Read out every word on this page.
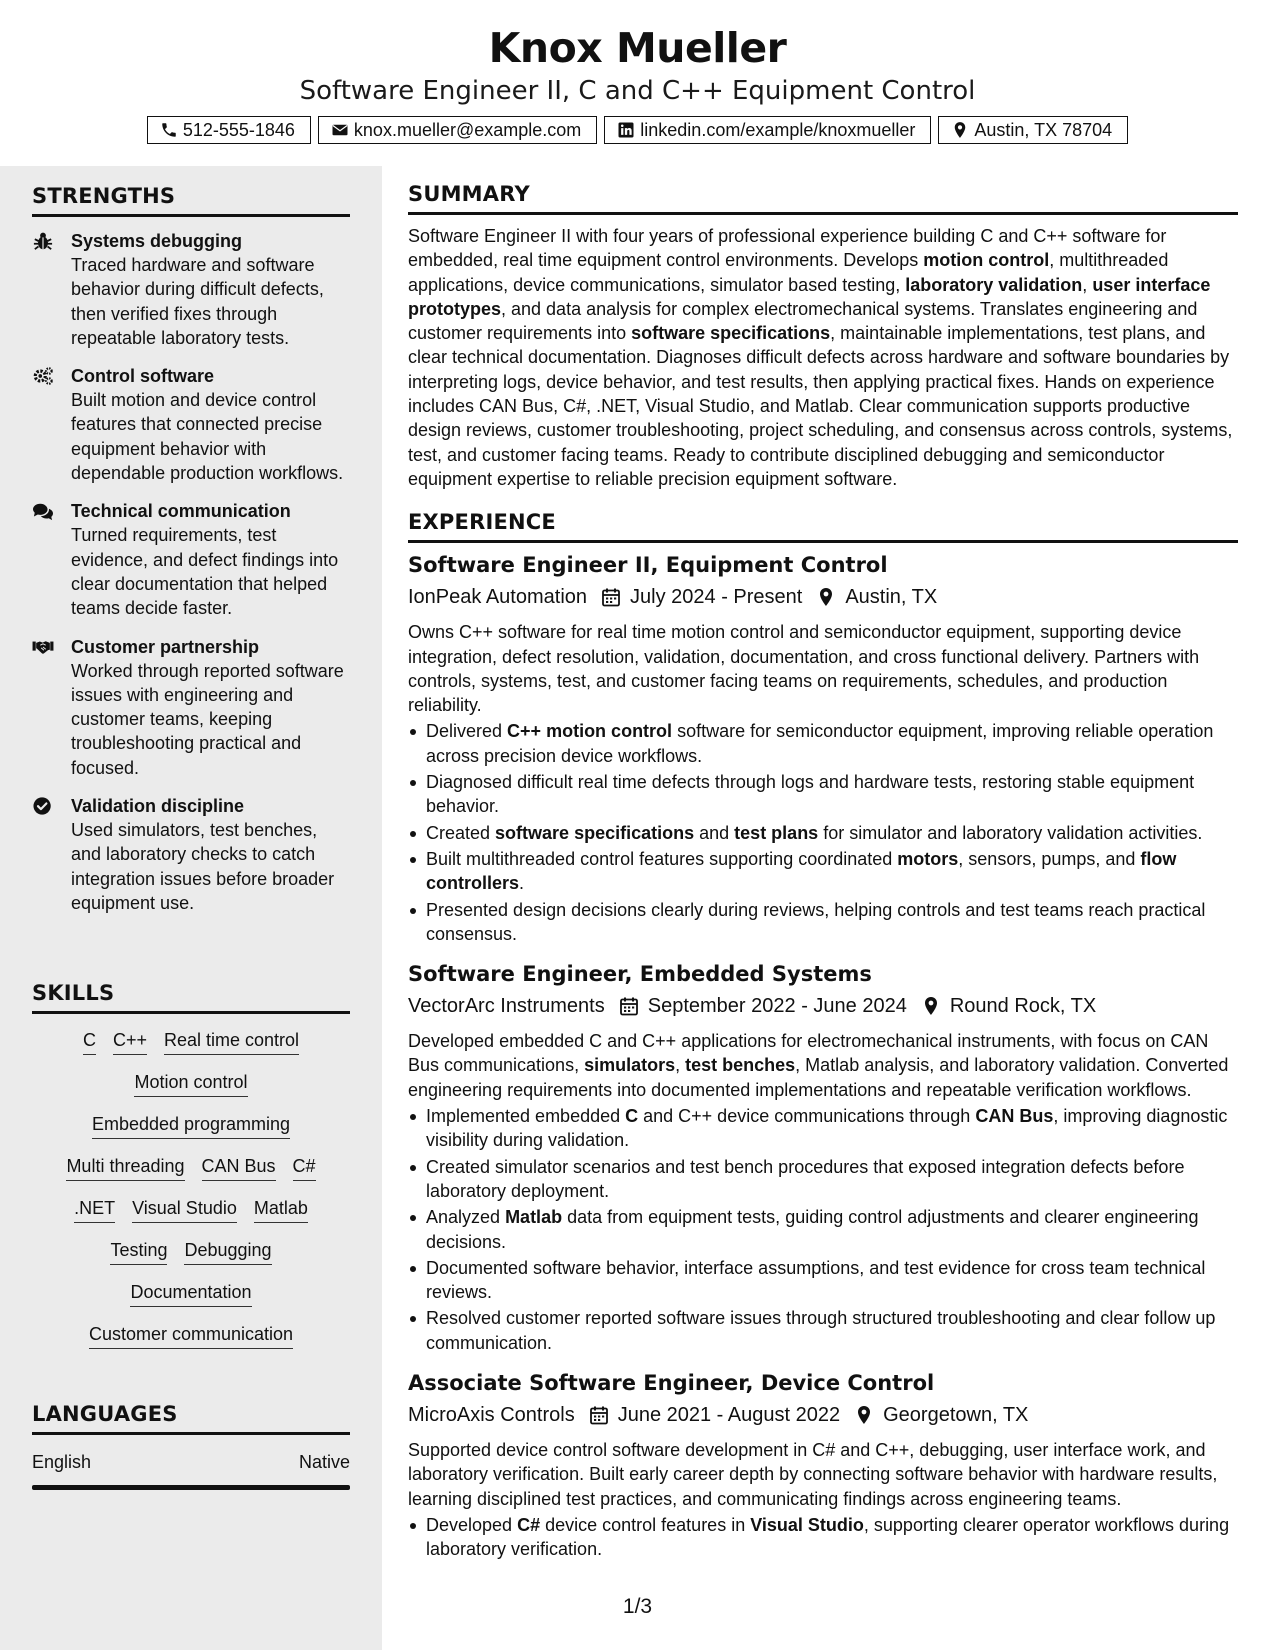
Knox Mueller
Software Engineer II, C and C++ Equipment Control
512-555-1846	knox.mueller@example.com	linkedin.com/example/knoxmueller	Austin, TX 78704
STRENGTHS
Systems debugging
Traced hardware and software behavior during difficult defects, then verified fixes through repeatable laboratory tests.
Control software
Built motion and device control features that connected precise equipment behavior with dependable production workflows.
Technical communication
Turned requirements, test evidence, and defect findings into clear documentation that helped teams decide faster.
Customer partnership
Worked through reported software issues with engineering and customer teams, keeping troubleshooting practical and focused.
Validation discipline
Used simulators, test benches, and laboratory checks to catch integration issues before broader equipment use.
SKILLS
C C++ Real time control
Motion control
Embedded programming
Multi threading CAN Bus C#
.NET Visual Studio Matlab
Testing Debugging
Documentation
Customer communication
LANGUAGES
English	Native
SUMMARY
Software Engineer II with four years of professional experience building C and C++ software for embedded, real time equipment control environments. Develops motion control, multithreaded applications, device communications, simulator based testing, laboratory validation, user interface prototypes, and data analysis for complex electromechanical systems. Translates engineering and customer requirements into software specifications, maintainable implementations, test plans, and clear technical documentation. Diagnoses difficult defects across hardware and software boundaries by interpreting logs, device behavior, and test results, then applying practical fixes. Hands on experience includes CAN Bus, C#, .NET, Visual Studio, and Matlab. Clear communication supports productive design reviews, customer troubleshooting, project scheduling, and consensus across controls, systems, test, and customer facing teams. Ready to contribute disciplined debugging and semiconductor equipment expertise to reliable precision equipment software.
EXPERIENCE
Software Engineer II, Equipment Control
IonPeak Automation July 2024 - Present Austin, TX
Owns C++ software for real time motion control and semiconductor equipment, supporting device integration, defect resolution, validation, documentation, and cross functional delivery. Partners with controls, systems, test, and customer facing teams on requirements, schedules, and production reliability.
Delivered C++ motion control software for semiconductor equipment, improving reliable operation across precision device workflows.
Diagnosed difficult real time defects through logs and hardware tests, restoring stable equipment behavior.
Created software specifications and test plans for simulator and laboratory validation activities.
Built multithreaded control features supporting coordinated motors, sensors, pumps, and flow controllers.
Presented design decisions clearly during reviews, helping controls and test teams reach practical consensus.
Software Engineer, Embedded Systems
VectorArc Instruments September 2022 - June 2024 Round Rock, TX
Developed embedded C and C++ applications for electromechanical instruments, with focus on CAN Bus communications, simulators, test benches, Matlab analysis, and laboratory validation. Converted engineering requirements into documented implementations and repeatable verification workflows.
Implemented embedded C and C++ device communications through CAN Bus, improving diagnostic visibility during validation.
Created simulator scenarios and test bench procedures that exposed integration defects before laboratory deployment.
Analyzed Matlab data from equipment tests, guiding control adjustments and clearer engineering decisions.
Documented software behavior, interface assumptions, and test evidence for cross team technical reviews.
Resolved customer reported software issues through structured troubleshooting and clear follow up communication.
Associate Software Engineer, Device Control
MicroAxis Controls June 2021 - August 2022 Georgetown, TX
Supported device control software development in C# and C++, debugging, user interface work, and laboratory verification. Built early career depth by connecting software behavior with hardware results, learning disciplined test practices, and communicating findings across engineering teams.
Developed C# device control features in Visual Studio, supporting clearer operator workflows during laboratory verification.
1/3
